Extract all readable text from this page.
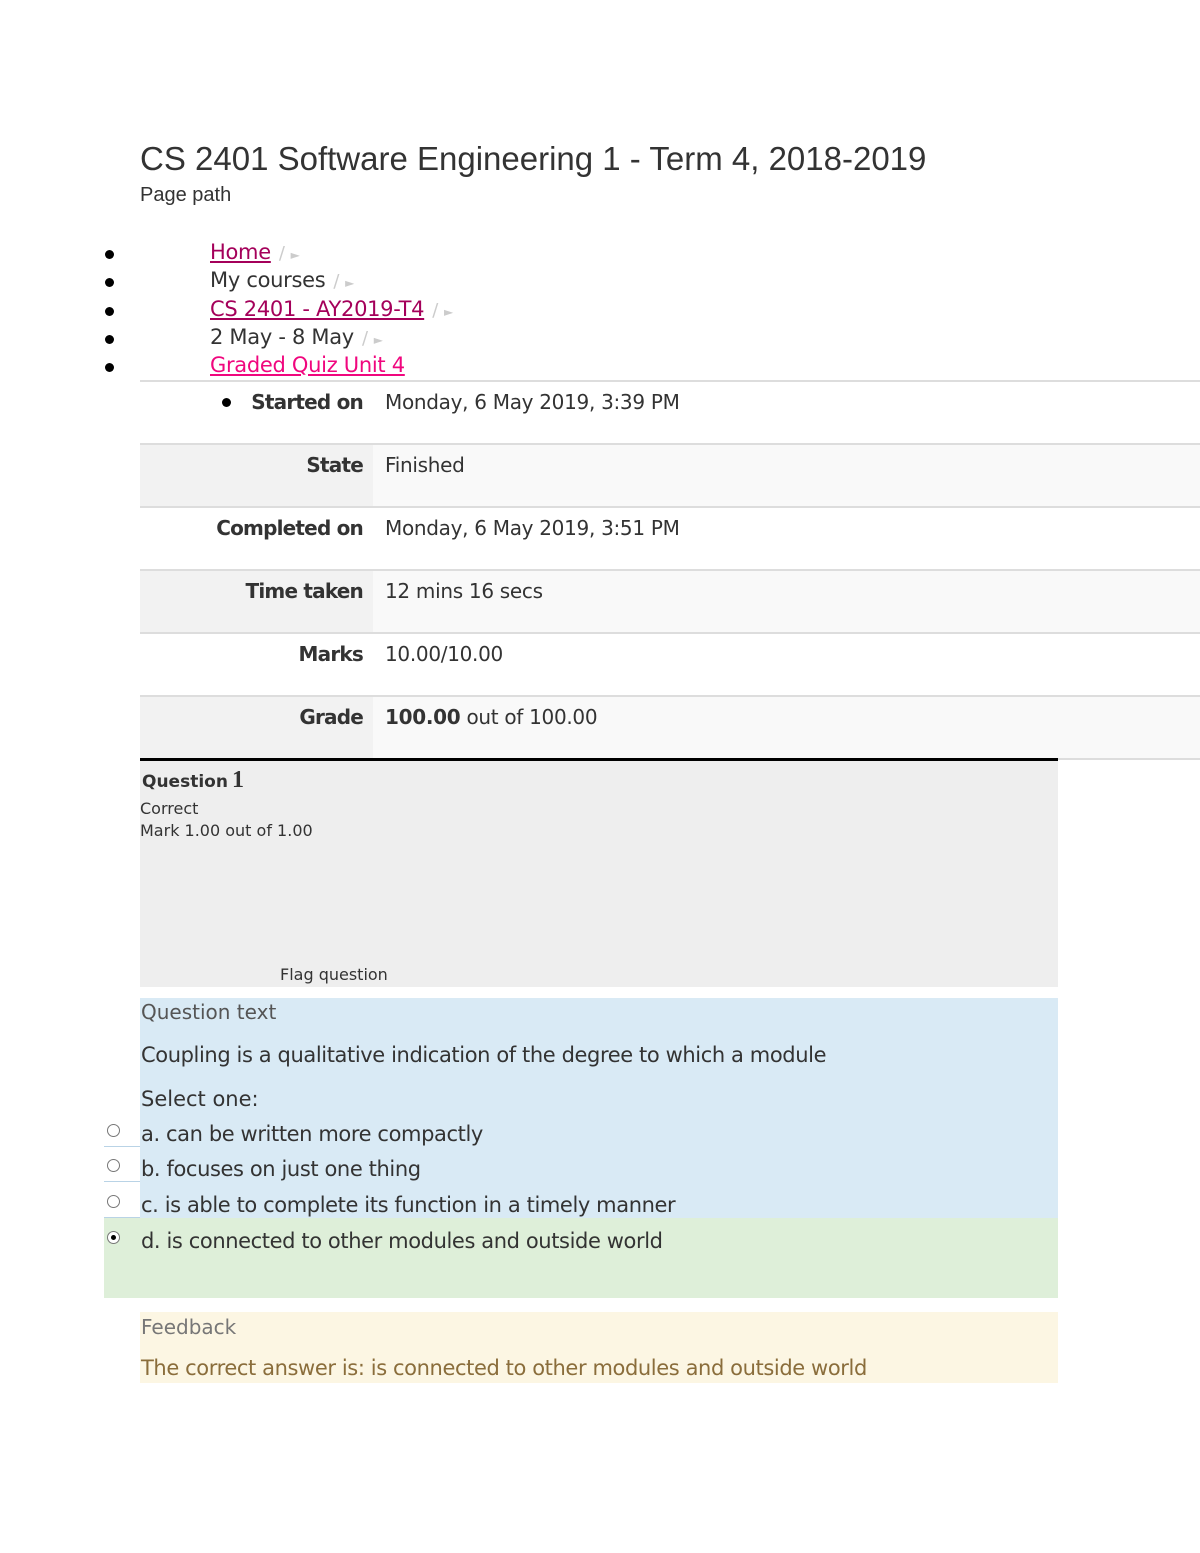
CS 2401 Software Engineering 1 - Term 4, 2018-2019
Page path
Home / ►
My courses / ►
CS 2401 - AY2019-T4 / ►
2 May - 8 May / ►
Graded Quiz Unit 4
Started on Monday, 6 May 2019, 3:39 PM
State Finished
Completed on Monday, 6 May 2019, 3:51 PM
Time taken 12 mins 16 secs
Marks 10.00/10.00
Grade 100.00 out of 100.00
Question 1
Correct
Mark 1.00 out of 1.00
Flag question
Question text
Coupling is a qualitative indication of the degree to which a module
Select one:
a. can be written more compactly
b. focuses on just one thing
c. is able to complete its function in a timely manner
d. is connected to other modules and outside world
Feedback
The correct answer is: is connected to other modules and outside world
